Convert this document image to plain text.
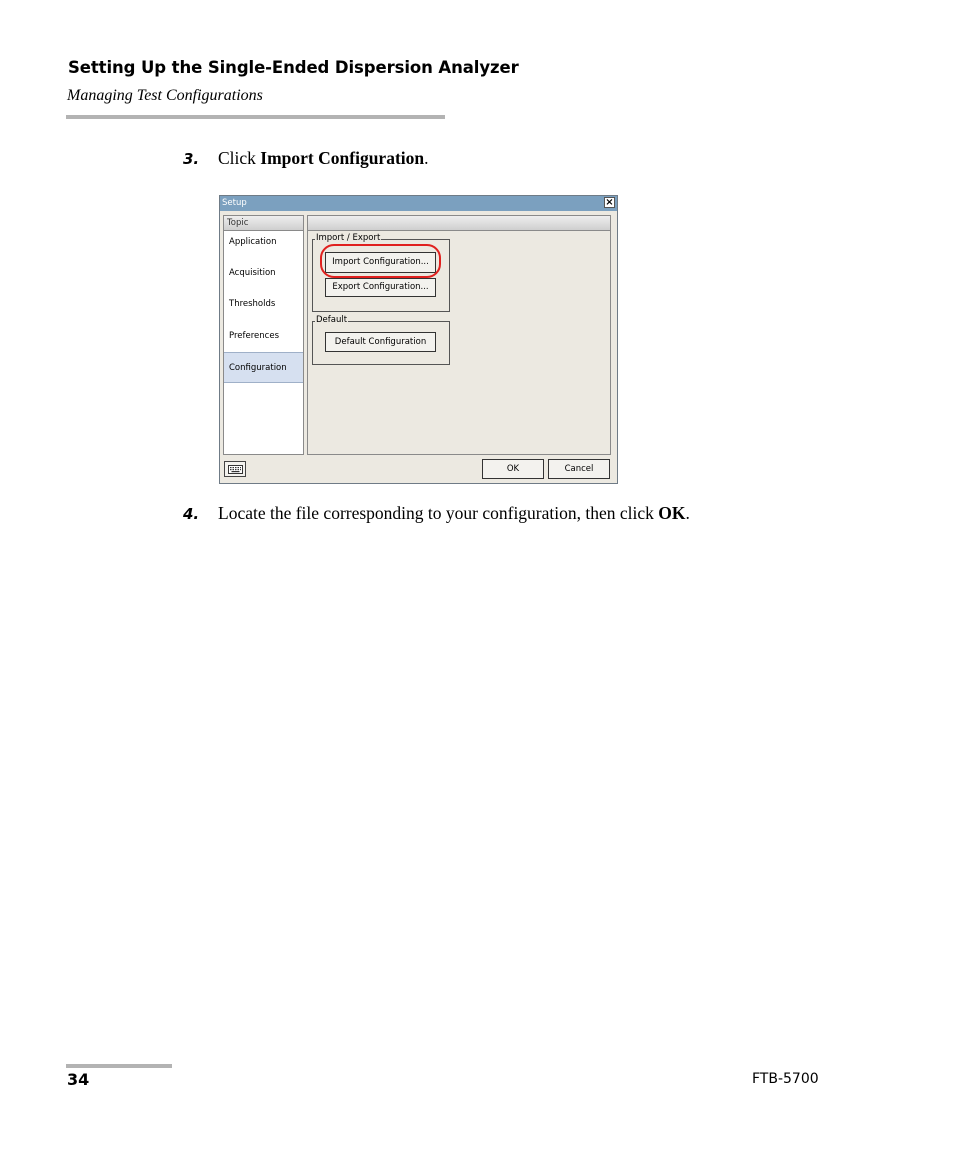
Setting Up the Single-Ended Dispersion Analyzer
Managing Test Configurations
3. Click Import Configuration.
Setup	×
Topic
Application
Acquisition
Thresholds
Preferences
Configuration
Import / Export
Import Configuration...
Export Configuration...
Default
Default Configuration
OK	Cancel
4. Locate the file corresponding to your configuration, then click OK.
34	FTB-5700
